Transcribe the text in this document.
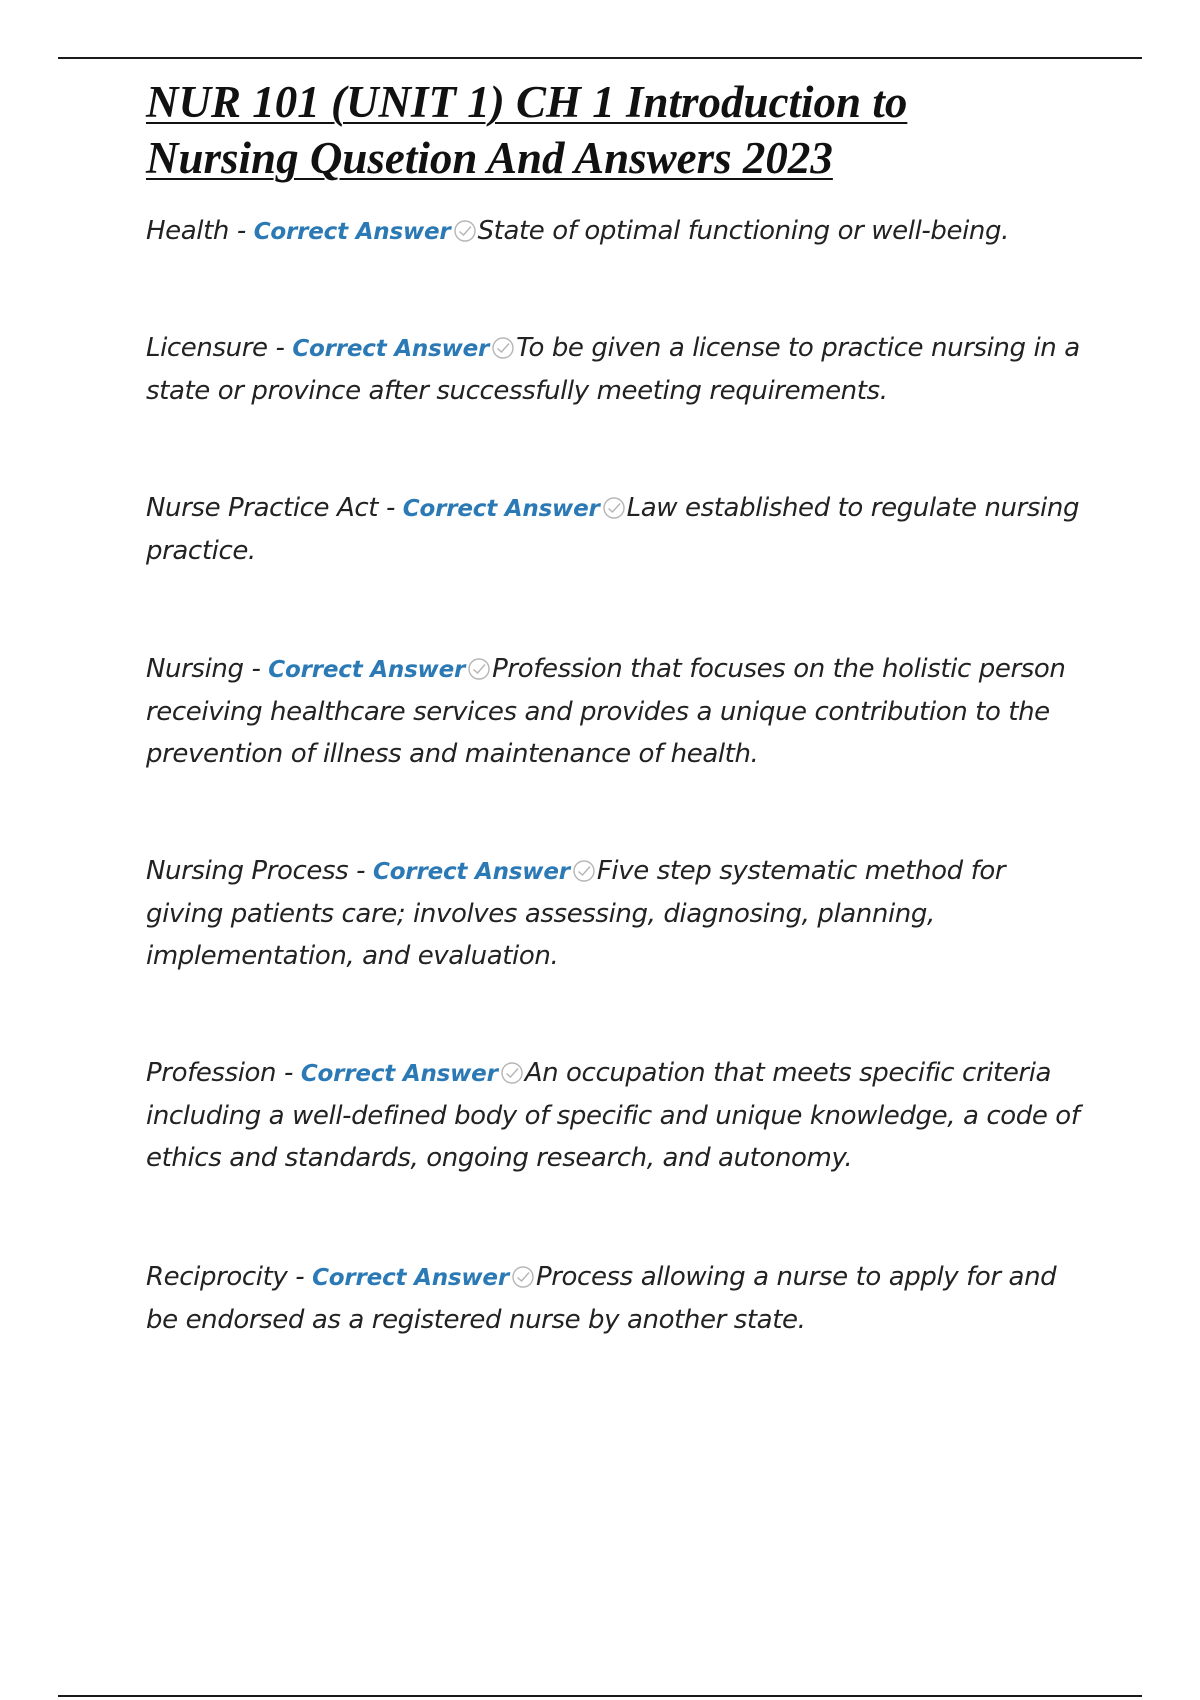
NUR 101 (UNIT 1) CH 1 Introduction to
Nursing Qusetion And Answers 2023

Health - Correct Answer State of optimal functioning or well-being.

Licensure - Correct Answer To be given a license to practice nursing in a state or province after successfully meeting requirements.

Nurse Practice Act - Correct Answer Law established to regulate nursing practice.

Nursing - Correct Answer Profession that focuses on the holistic person receiving healthcare services and provides a unique contribution to the prevention of illness and maintenance of health.

Nursing Process - Correct Answer Five step systematic method for giving patients care; involves assessing, diagnosing, planning, implementation, and evaluation.

Profession - Correct Answer An occupation that meets specific criteria including a well-defined body of specific and unique knowledge, a code of ethics and standards, ongoing research, and autonomy.

Reciprocity - Correct Answer Process allowing a nurse to apply for and be endorsed as a registered nurse by another state.
